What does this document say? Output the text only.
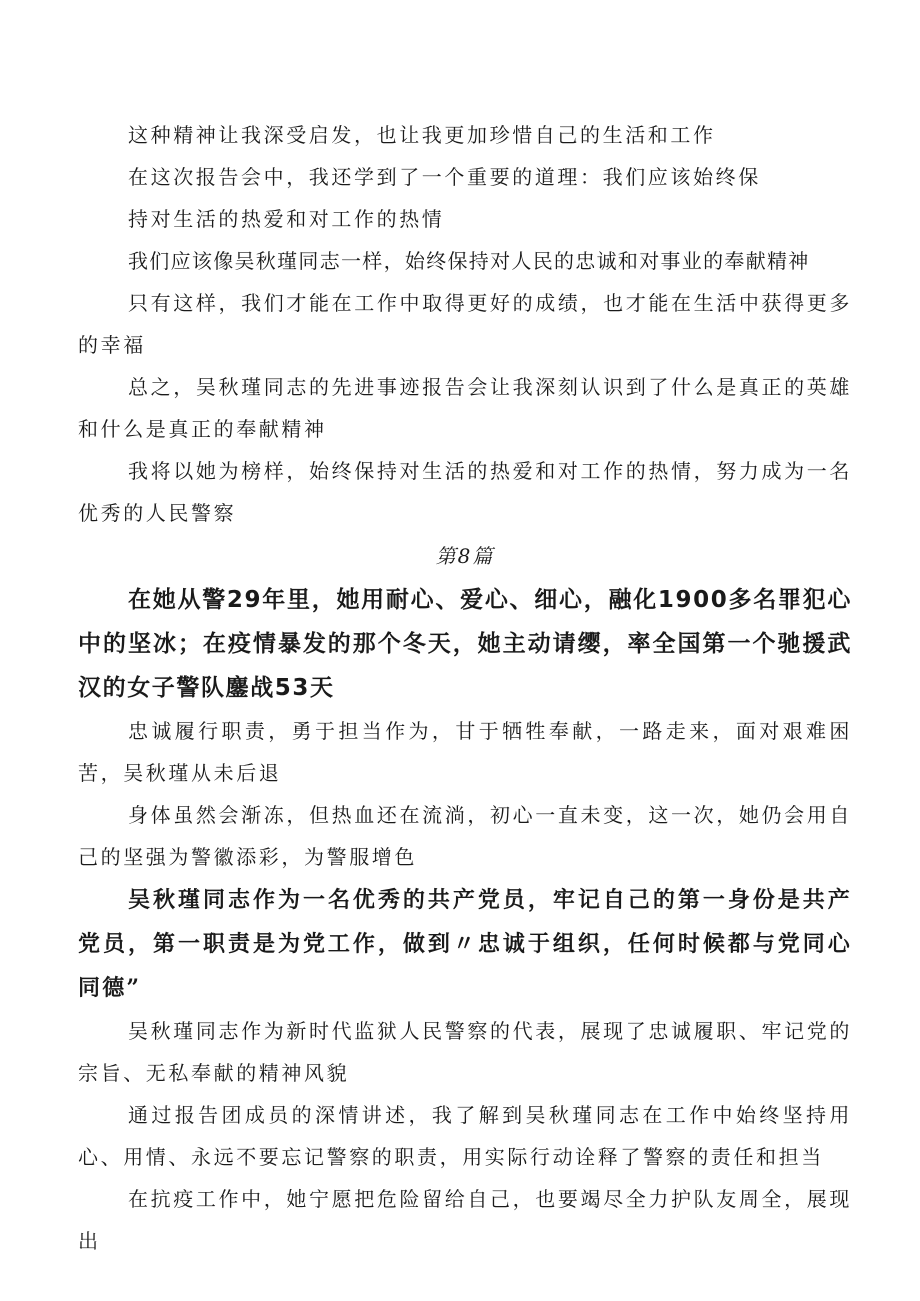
这种精神让我深受启发，也让我更加珍惜自己的生活和工作

在这次报告会中，我还学到了一个重要的道理：我们应该始终保

持对生活的热爱和对工作的热情

我们应该像吴秋瑾同志一样，始终保持对人民的忠诚和对事业的奉献精神

只有这样，我们才能在工作中取得更好的成绩，也才能在生活中获得更多的幸福

总之，吴秋瑾同志的先进事迹报告会让我深刻认识到了什么是真正的英雄和什么是真正的奉献精神

我将以她为榜样，始终保持对生活的热爱和对工作的热情，努力成为一名优秀的人民警察

第8篇

在她从警29年里，她用耐心、爱心、细心，融化1900多名罪犯心中的坚冰；在疫情暴发的那个冬天，她主动请缨，率全国第一个驰援武汉的女子警队鏖战53天

忠诚履行职责，勇于担当作为，甘于牺牲奉献，一路走来，面对艰难困苦，吴秋瑾从未后退

身体虽然会渐冻，但热血还在流淌，初心一直未变，这一次，她仍会用自己的坚强为警徽添彩，为警服增色

吴秋瑾同志作为一名优秀的共产党员，牢记自己的第一身份是共产党员，第一职责是为党工作，做到〃忠诚于组织，任何时候都与党同心同德”

吴秋瑾同志作为新时代监狱人民警察的代表，展现了忠诚履职、牢记党的宗旨、无私奉献的精神风貌

通过报告团成员的深情讲述，我了解到吴秋瑾同志在工作中始终坚持用心、用情、永远不要忘记警察的职责，用实际行动诠释了警察的责任和担当

在抗疫工作中，她宁愿把危险留给自己，也要竭尽全力护队友周全，展现出
